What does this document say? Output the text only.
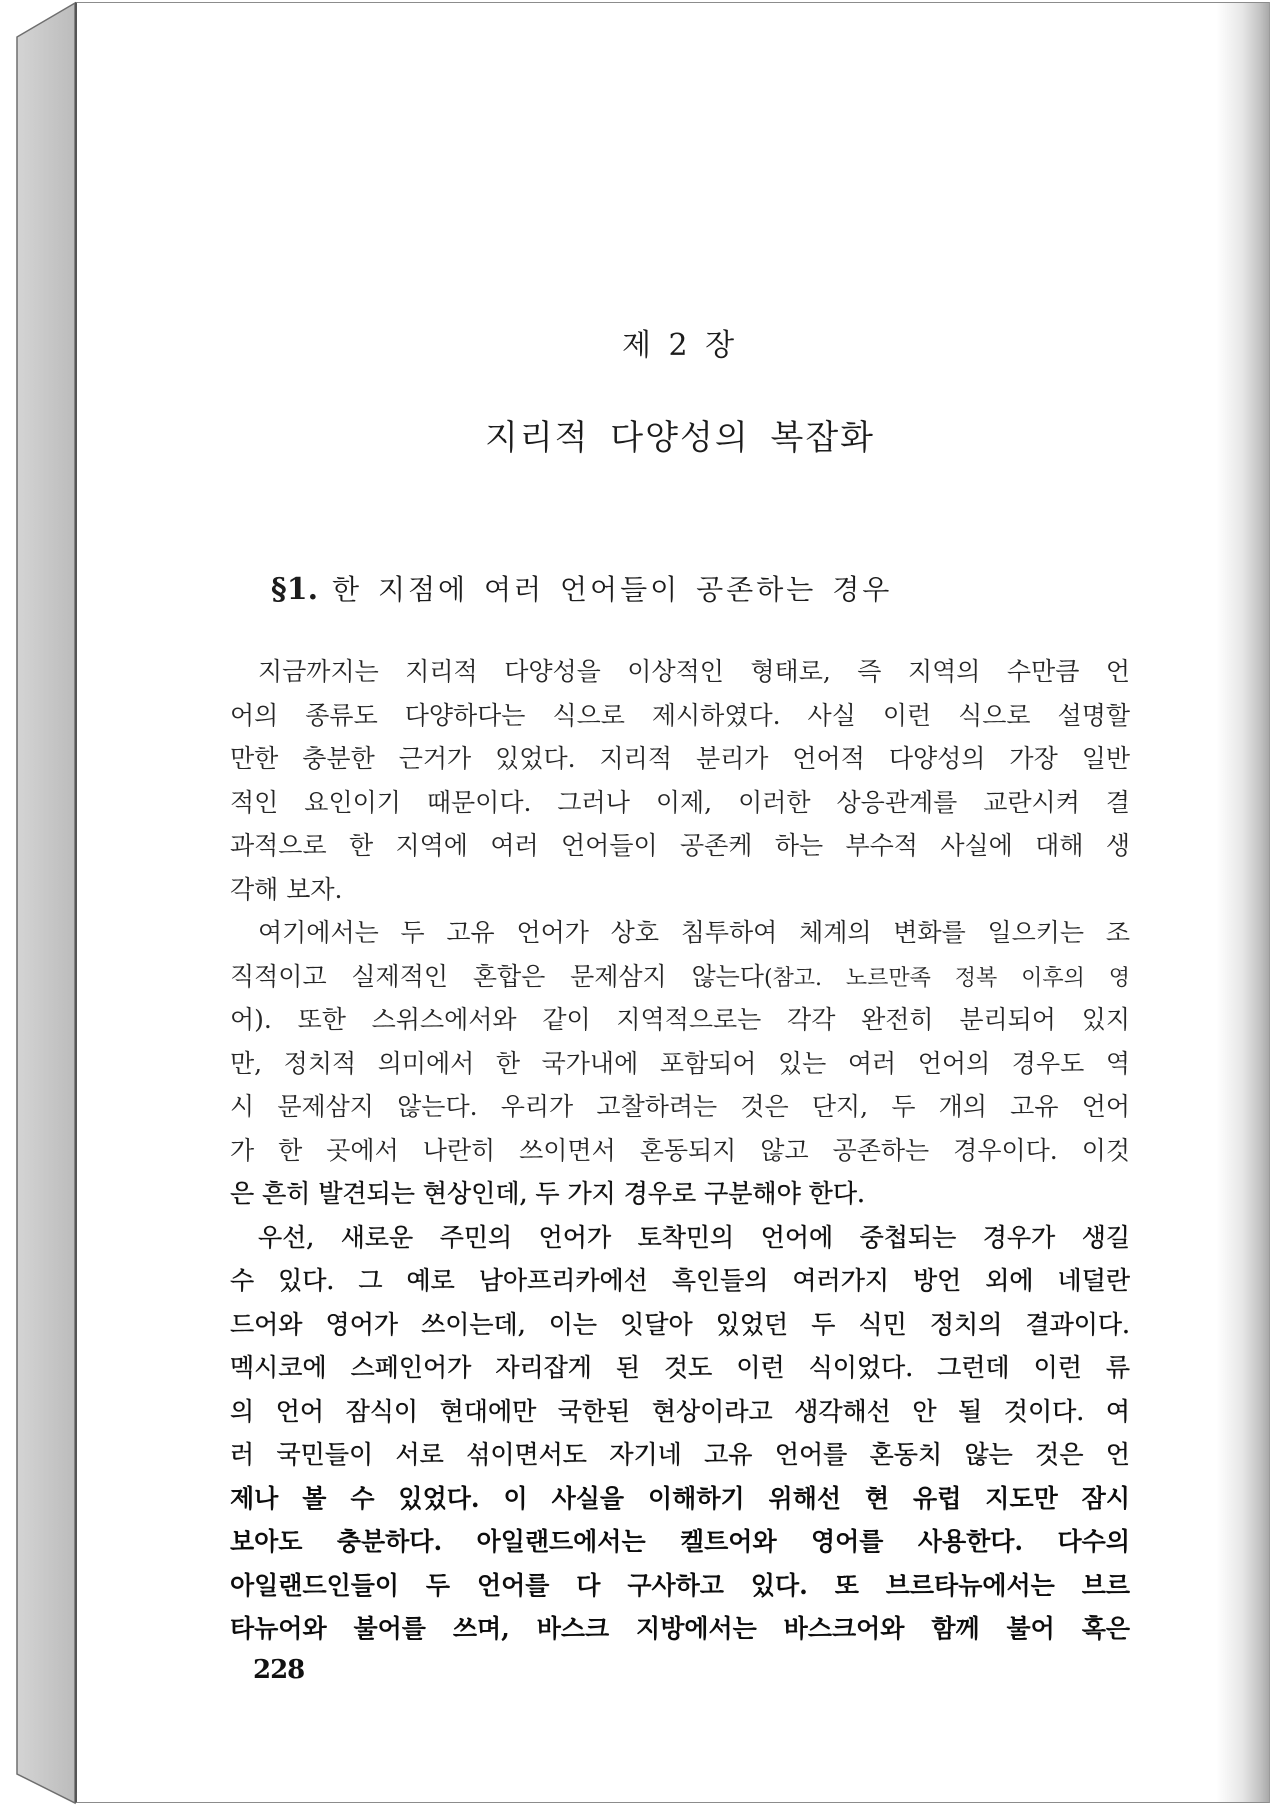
제 2 장
지리적 다양성의 복잡화
§1. 한 지점에 여러 언어들이 공존하는 경우
지금까지는 지리적 다양성을 이상적인 형태로, 즉 지역의 수만큼 언
어의 종류도 다양하다는 식으로 제시하였다. 사실 이런 식으로 설명할
만한 충분한 근거가 있었다. 지리적 분리가 언어적 다양성의 가장 일반
적인 요인이기 때문이다. 그러나 이제, 이러한 상응관계를 교란시켜 결
과적으로 한 지역에 여러 언어들이 공존케 하는 부수적 사실에 대해 생
각해 보자.
여기에서는 두 고유 언어가 상호 침투하여 체계의 변화를 일으키는 조
직적이고 실제적인 혼합은 문제삼지 않는다(참고. 노르만족 정복 이후의 영
어). 또한 스위스에서와 같이 지역적으로는 각각 완전히 분리되어 있지
만, 정치적 의미에서 한 국가내에 포함되어 있는 여러 언어의 경우도 역
시 문제삼지 않는다. 우리가 고찰하려는 것은 단지, 두 개의 고유 언어
가 한 곳에서 나란히 쓰이면서 혼동되지 않고 공존하는 경우이다. 이것
은 흔히 발견되는 현상인데, 두 가지 경우로 구분해야 한다.
우선, 새로운 주민의 언어가 토착민의 언어에 중첩되는 경우가 생길
수 있다. 그 예로 남아프리카에선 흑인들의 여러가지 방언 외에 네덜란
드어와 영어가 쓰이는데, 이는 잇달아 있었던 두 식민 정치의 결과이다.
멕시코에 스페인어가 자리잡게 된 것도 이런 식이었다. 그런데 이런 류
의 언어 잠식이 현대에만 국한된 현상이라고 생각해선 안 될 것이다. 여
러 국민들이 서로 섞이면서도 자기네 고유 언어를 혼동치 않는 것은 언
제나 볼 수 있었다. 이 사실을 이해하기 위해선 현 유럽 지도만 잠시
보아도 충분하다. 아일랜드에서는 켈트어와 영어를 사용한다. 다수의
아일랜드인들이 두 언어를 다 구사하고 있다. 또 브르타뉴에서는 브르
타뉴어와 불어를 쓰며, 바스크 지방에서는 바스크어와 함께 불어 혹은
228
